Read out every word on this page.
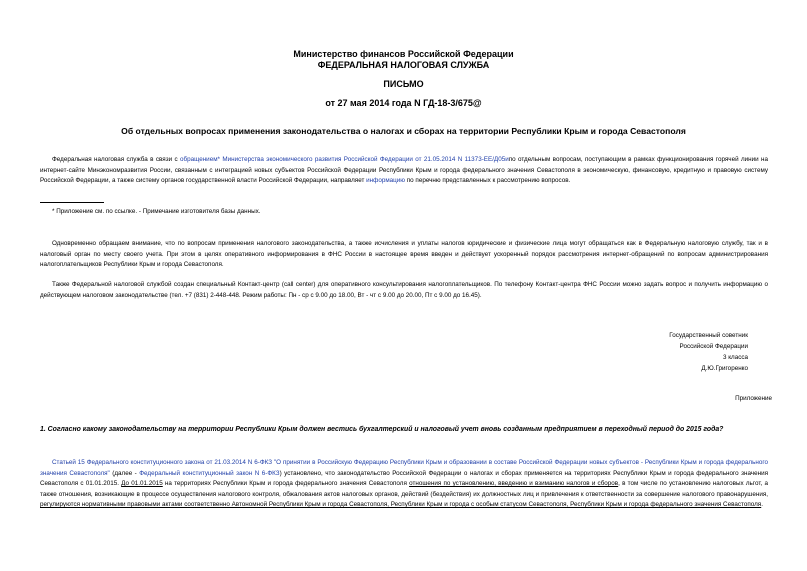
Министерство финансов Российской Федерации
ФЕДЕРАЛЬНАЯ НАЛОГОВАЯ СЛУЖБА
ПИСЬМО
от 27 мая 2014 года N ГД-18-3/675@
Об отдельных вопросах применения законодательства о налогах и сборах на территории Республики Крым и города Севастополя
Федеральная налоговая служба в связи с обращением* Министерства экономического развития Российской Федерации от 21.05.2014 N 11373-ЕЕ/Д05ипо отдельным вопросам, поступающим в рамках функционирования горячей линии на интернет-сайте Минэкономразвития России, связанным с интеграцией новых субъектов Российской Федерации Республики Крым и города федерального значения Севастополя в экономическую, финансовую, кредитную и правовую систему Российской Федерации, а также систему органов государственной власти Российской Федерации, направляет информацию по перечню представленных к рассмотрению вопросов.
* Приложение см. по ссылке. - Примечание изготовителя базы данных.
Одновременно обращаем внимание, что по вопросам применения налогового законодательства, а также исчисления и уплаты налогов юридические и физические лица могут обращаться как в Федеральную налоговую службу, так и в налоговый орган по месту своего учета. При этом в целях оперативного информирования в ФНС России в настоящее время введен и действует ускоренный порядок рассмотрения интернет-обращений по вопросам администрирования налогоплательщиков Республики Крым и города Севастополя.
Также Федеральной налоговой службой создан специальный Контакт-центр (call center) для оперативного консультирования налогоплательщиков. По телефону Контакт-центра ФНС России можно задать вопрос и получить информацию о действующем налоговом законодательстве (тел. +7 (831) 2-448-448. Режим работы: Пн - ср с 9.00 до 18.00, Вт - чт с 9.00 до 20.00, Пт с 9.00 до 16.45).
Государственный советник
Российской Федерации
3 класса
Д.Ю.Григоренко
Приложение
1. Согласно какому законодательству на территории Республики Крым должен вестись бухгалтерский и налоговый учет вновь созданным предприятием в переходный период до 2015 года?
Статьей 15 Федерального конституционного закона от 21.03.2014 N 6-ФКЗ "О принятии в Российскую Федерацию Республики Крым и образовании в составе Российской Федерации новых субъектов - Республики Крым и города федерального значения Севастополя" (далее - Федеральный конституционный закон N 6-ФКЗ) установлено, что законодательство Российской Федерации о налогах и сборах применяется на территориях Республики Крым и города федерального значения Севастополя с 01.01.2015. До 01.01.2015 на территориях Республики Крым и города федерального значения Севастополя отношения по установлению, введению и взиманию налогов и сборов, в том числе по установлению налоговых льгот, а также отношения, возникающие в процессе осуществления налогового контроля, обжалования актов налоговых органов, действий (бездействия) их должностных лиц и привлечения к ответственности за совершение налогового правонарушения, регулируются нормативными правовыми актами соответственно Автономной Республики Крым и города Севастополя, Республики Крым и города с особым статусом Севастополя, Республики Крым и города федерального значения Севастополя.
